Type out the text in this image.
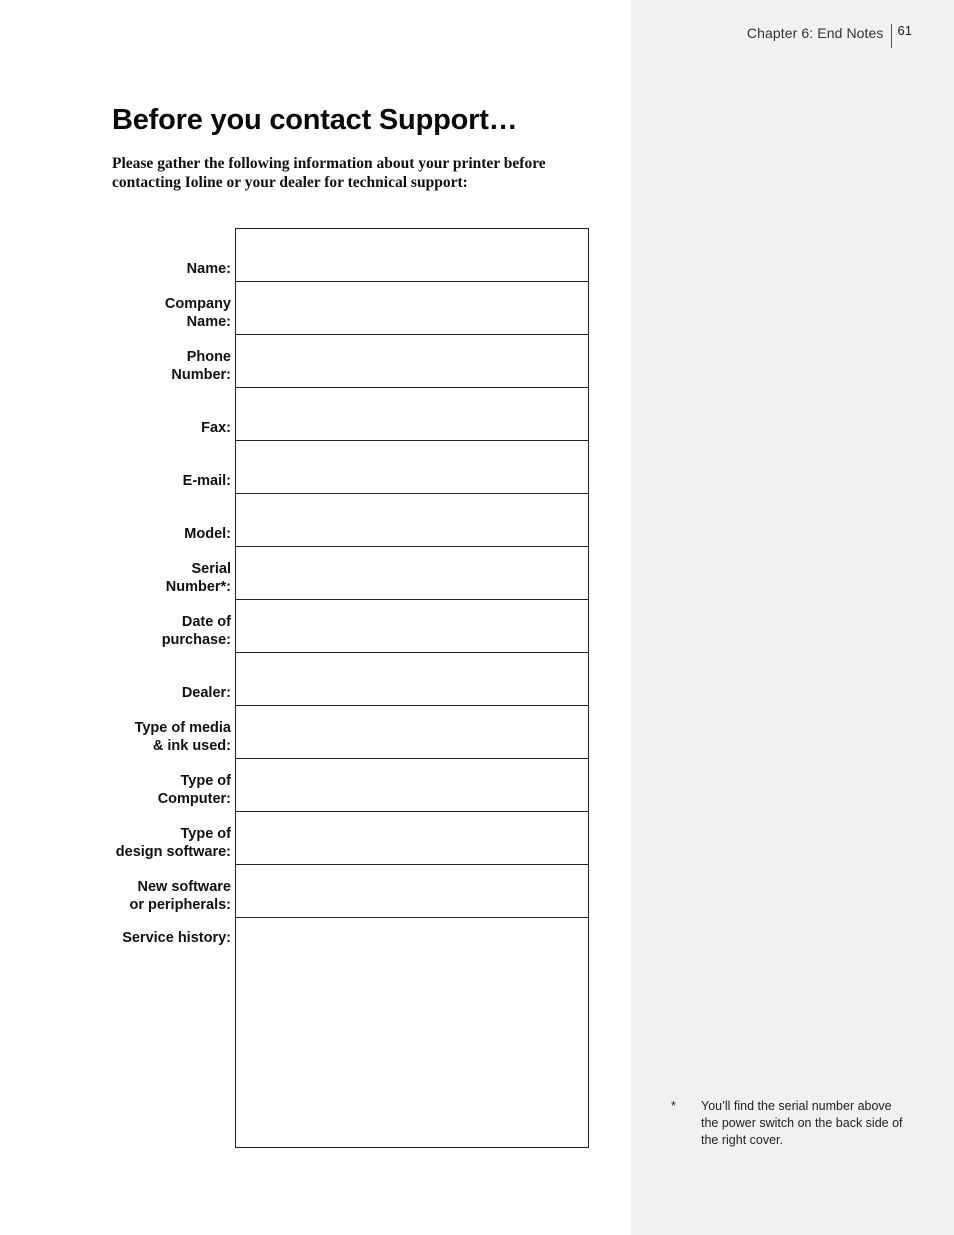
Chapter 6: End Notes 61
Before you contact Support…

Please gather the following information about your printer before contacting Ioline or your dealer for technical support:

Name:
Company
Name:
Phone
Number:
Fax:
E-mail:
Model:
Serial
Number*:
Date of
purchase:
Dealer:
Type of media
& ink used:
Type of
Computer:
Type of
design software:
New software
or peripherals:
Service history:
*	You’ll find the serial number above the power switch on the back side of the right cover.
